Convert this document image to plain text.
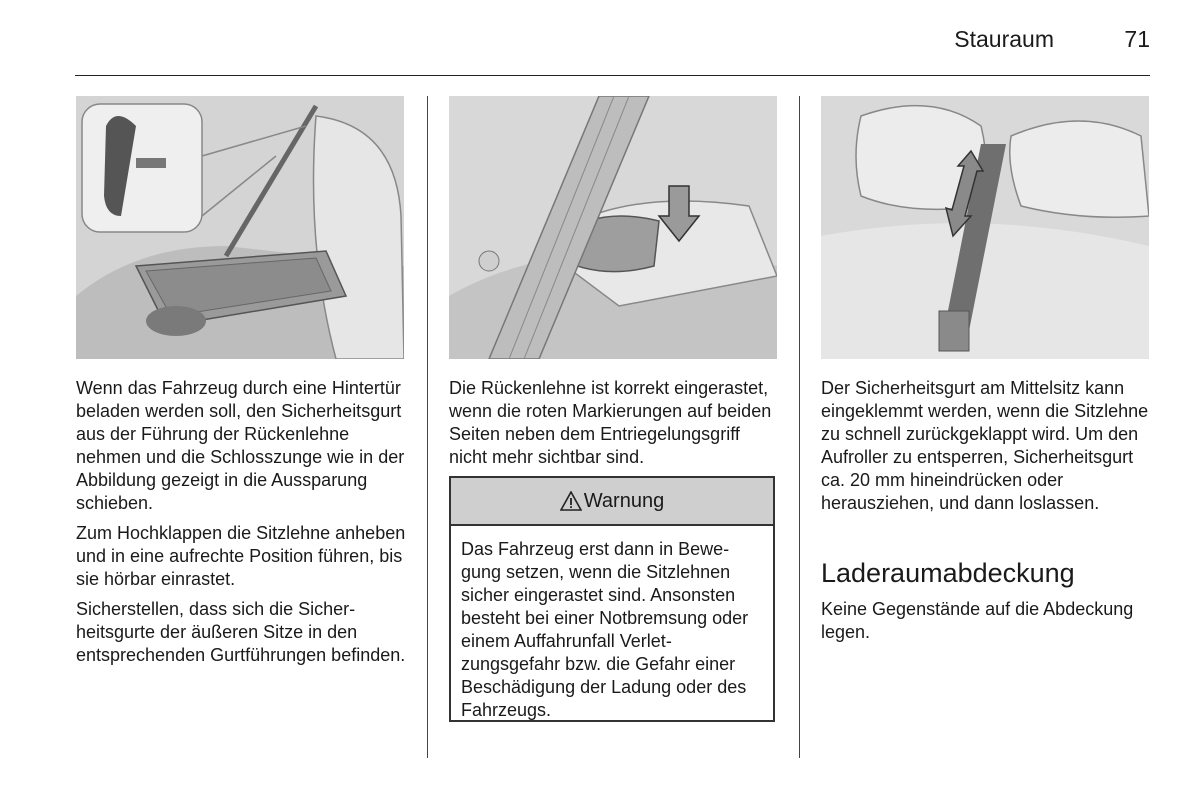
Stauraum	71

Wenn das Fahrzeug durch eine Hintertür beladen werden soll, den Sicherheitsgurt aus der Führung der Rückenlehne nehmen und die Schlosszunge wie in der Abbildung gezeigt in die Aussparung schieben.

Zum Hochklappen die Sitzlehne anheben und in eine aufrechte Position führen, bis sie hörbar einrastet.

Sicherstellen, dass sich die Sicherheitsgurte der äußeren Sitze in den entsprechenden Gurtführungen befinden.

Die Rückenlehne ist korrekt eingerastet, wenn die roten Markierungen auf beiden Seiten neben dem Entriegelungsgriff nicht mehr sichtbar sind.

Warnung
Das Fahrzeug erst dann in Bewegung setzen, wenn die Sitzlehnen sicher eingerastet sind. Ansonsten besteht bei einer Notbremsung oder einem Auffahrunfall Verletzungsgefahr bzw. die Gefahr einer Beschädigung der Ladung oder des Fahrzeugs.

Der Sicherheitsgurt am Mittelsitz kann eingeklemmt werden, wenn die Sitzlehne zu schnell zurückgeklappt wird. Um den Aufroller zu entsperren, Sicherheitsgurt ca. 20 mm hineindrücken oder herausziehen, und dann loslassen.

Laderaumabdeckung

Keine Gegenstände auf die Abdeckung legen.
